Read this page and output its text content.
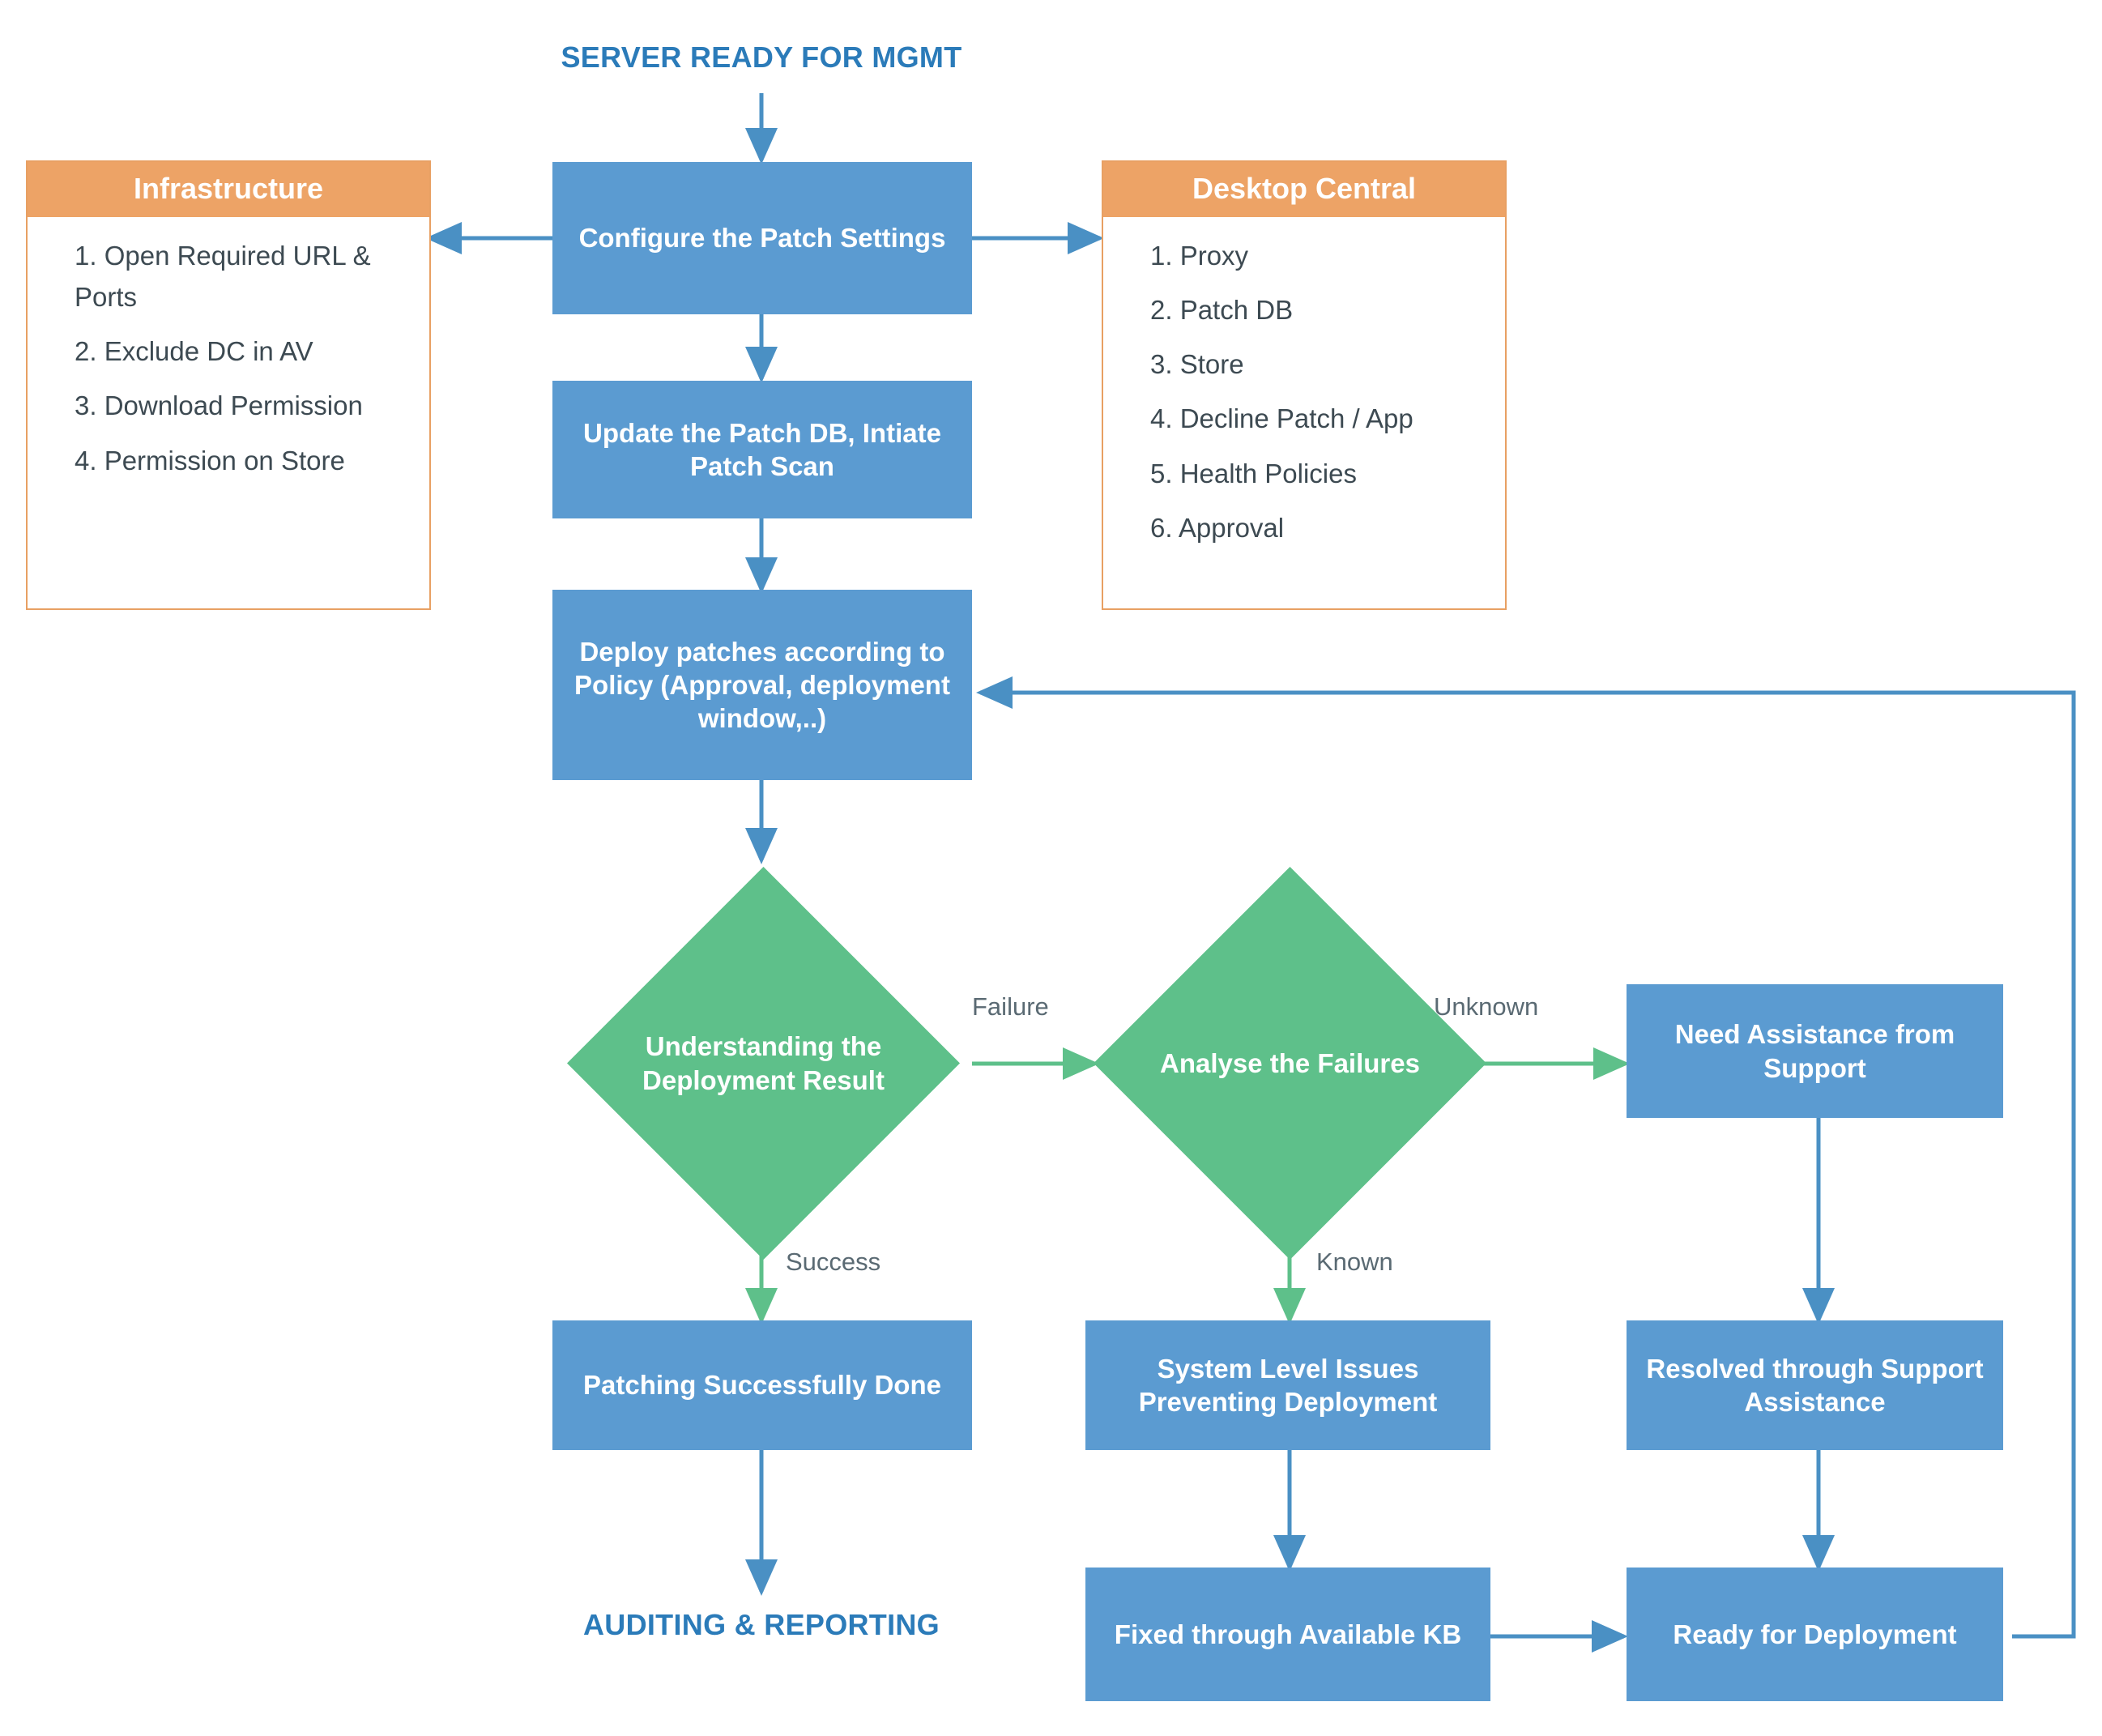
SERVER READY FOR MGMT
AUDITING & REPORTING
Infrastructure
1. Open Required URL & Ports
2. Exclude DC in AV
3. Download Permission
4. Permission on Store
Desktop Central
1. Proxy
2. Patch DB
3. Store
4. Decline Patch / App
5. Health Policies
6. Approval
Configure the Patch Settings
Update the Patch DB, Intiate Patch Scan
Deploy patches according to Policy (Approval, deployment window,..)
Need Assistance from Support
Patching Successfully Done
System Level Issues Preventing Deployment
Resolved through Support Assistance
Fixed through Available KB	Ready for Deployment
Understanding the Deployment Result
Analyse the Failures
Failure	Unknown
Success	Known
